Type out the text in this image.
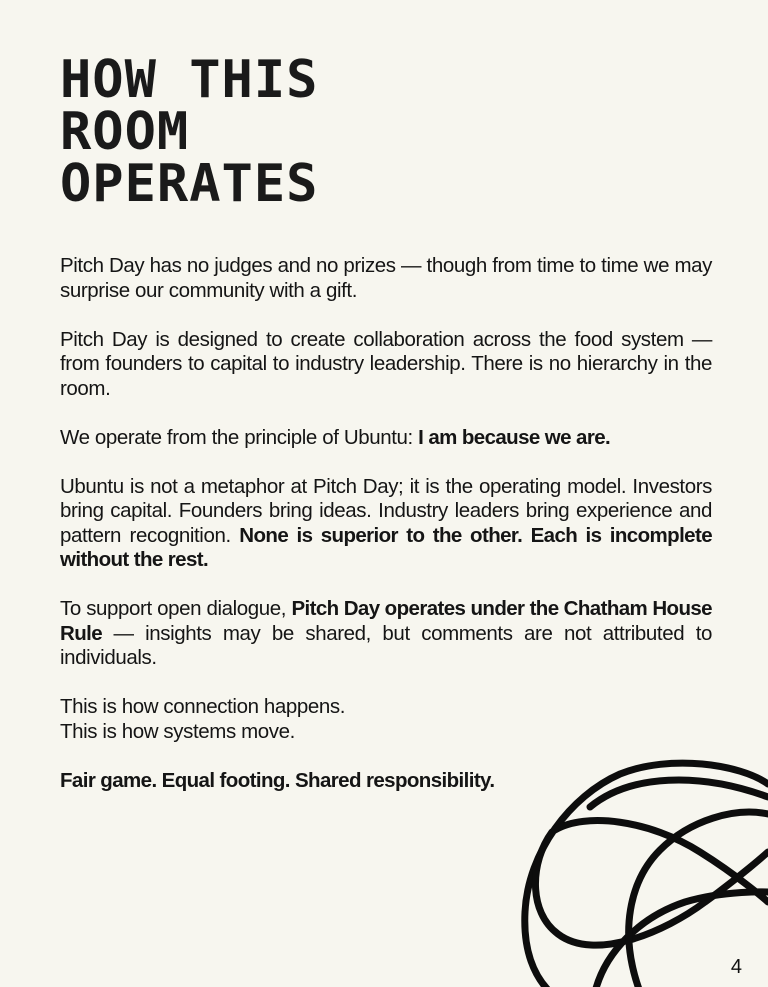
HOW THIS
ROOM
OPERATES

Pitch Day has no judges and no prizes — though from time to time we may surprise our community with a gift.

Pitch Day is designed to create collaboration across the food system — from founders to capital to industry leadership. There is no hierarchy in the room.

We operate from the principle of Ubuntu: I am because we are.

Ubuntu is not a metaphor at Pitch Day; it is the operating model. Investors bring capital. Founders bring ideas. Industry leaders bring experience and pattern recognition. None is superior to the other. Each is incomplete without the rest.

To support open dialogue, Pitch Day operates under the Chatham House Rule — insights may be shared, but comments are not attributed to individuals.

This is how connection happens.
This is how systems move.

Fair game. Equal footing. Shared responsibility.

4
